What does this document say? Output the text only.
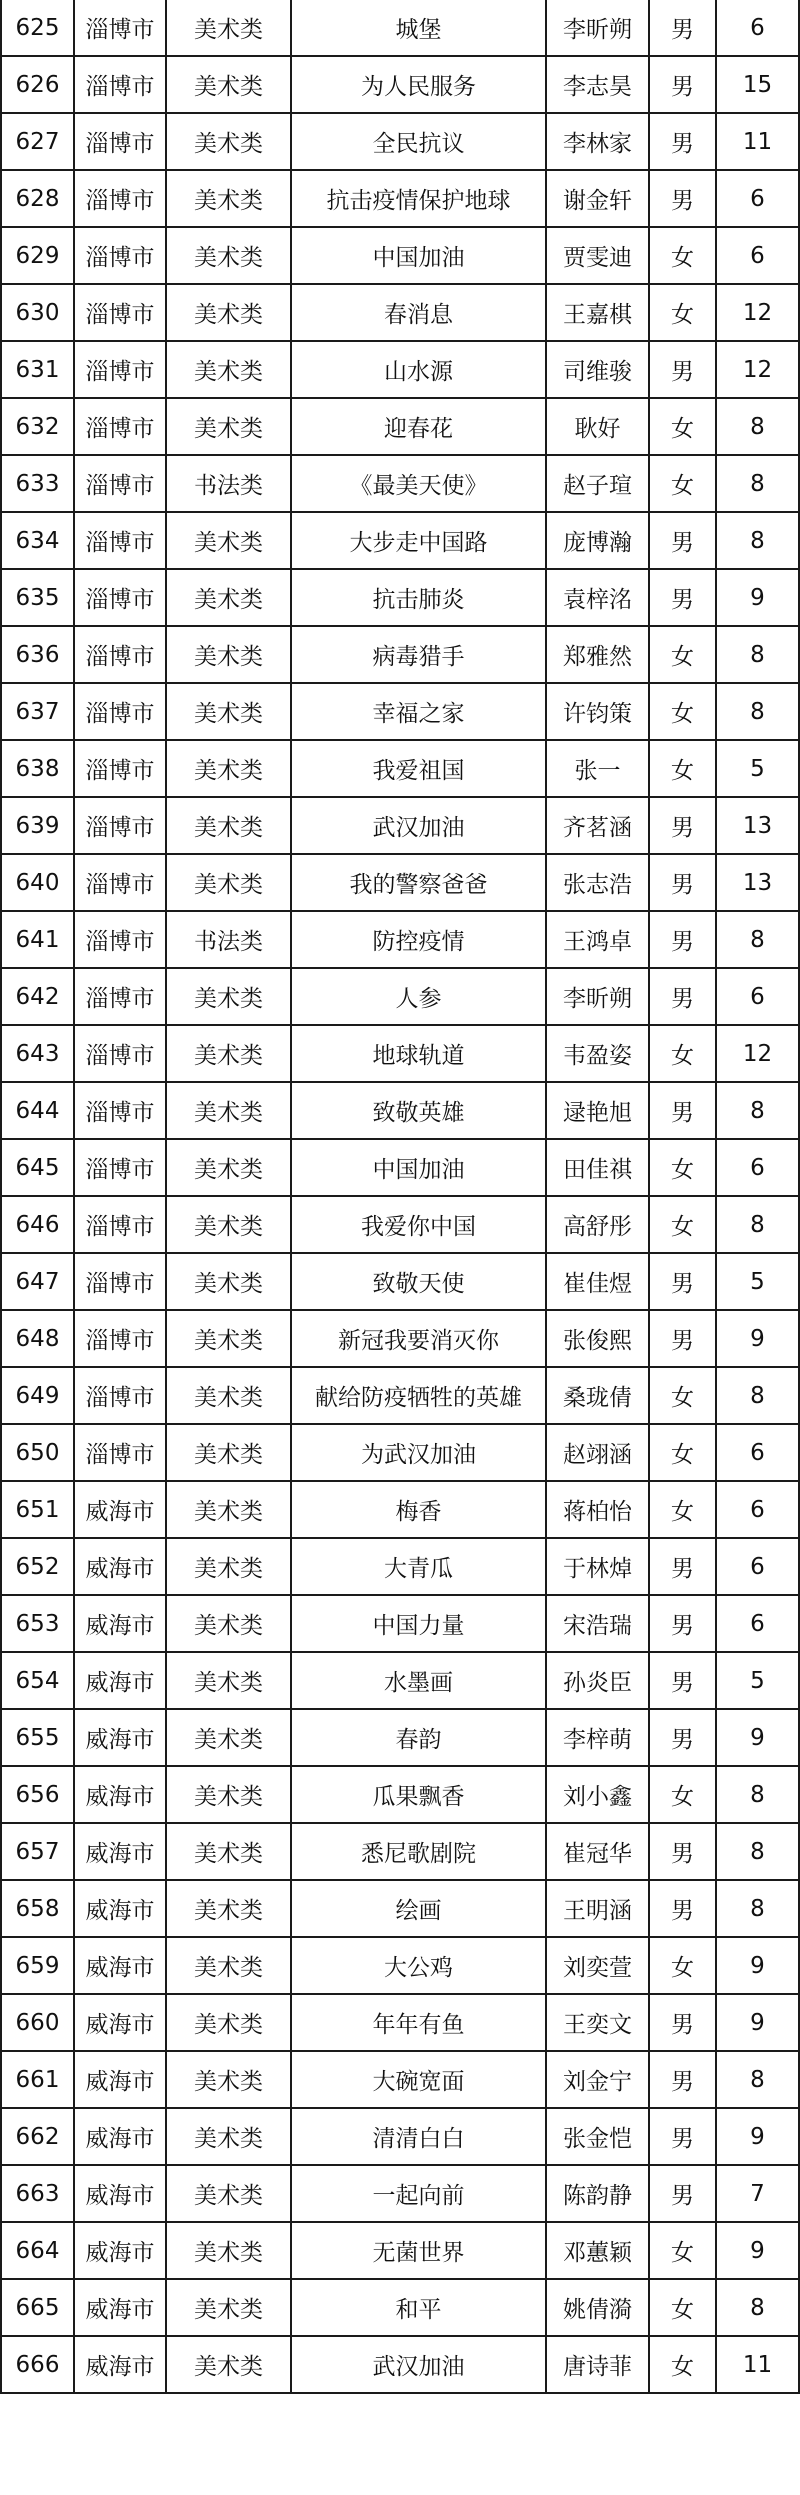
625	淄博市	美术类	城堡	李昕朔	男	6
626	淄博市	美术类	为人民服务	李志昊	男	15
627	淄博市	美术类	全民抗议	李林家	男	11
628	淄博市	美术类	抗击疫情保护地球	谢金轩	男	6
629	淄博市	美术类	中国加油	贾雯迪	女	6
630	淄博市	美术类	春消息	王嘉棋	女	12
631	淄博市	美术类	山水源	司维骏	男	12
632	淄博市	美术类	迎春花	耿好	女	8
633	淄博市	书法类	《最美天使》	赵子瑄	女	8
634	淄博市	美术类	大步走中国路	庞博瀚	男	8
635	淄博市	美术类	抗击肺炎	袁梓洺	男	9
636	淄博市	美术类	病毒猎手	郑雅然	女	8
637	淄博市	美术类	幸福之家	许钧策	女	8
638	淄博市	美术类	我爱祖国	张一	女	5
639	淄博市	美术类	武汉加油	齐茗涵	男	13
640	淄博市	美术类	我的警察爸爸	张志浩	男	13
641	淄博市	书法类	防控疫情	王鸿卓	男	8
642	淄博市	美术类	人参	李昕朔	男	6
643	淄博市	美术类	地球轨道	韦盈姿	女	12
644	淄博市	美术类	致敬英雄	逯艳旭	男	8
645	淄博市	美术类	中国加油	田佳祺	女	6
646	淄博市	美术类	我爱你中国	高舒彤	女	8
647	淄博市	美术类	致敬天使	崔佳煜	男	5
648	淄博市	美术类	新冠我要消灭你	张俊熙	男	9
649	淄博市	美术类	献给防疫牺牲的英雄	桑珑倩	女	8
650	淄博市	美术类	为武汉加油	赵翊涵	女	6
651	威海市	美术类	梅香	蒋柏怡	女	6
652	威海市	美术类	大青瓜	于林焯	男	6
653	威海市	美术类	中国力量	宋浩瑞	男	6
654	威海市	美术类	水墨画	孙炎臣	男	5
655	威海市	美术类	春韵	李梓萌	男	9
656	威海市	美术类	瓜果飘香	刘小鑫	女	8
657	威海市	美术类	悉尼歌剧院	崔冠华	男	8
658	威海市	美术类	绘画	王明涵	男	8
659	威海市	美术类	大公鸡	刘奕萱	女	9
660	威海市	美术类	年年有鱼	王奕文	男	9
661	威海市	美术类	大碗宽面	刘金宁	男	8
662	威海市	美术类	清清白白	张金恺	男	9
663	威海市	美术类	一起向前	陈韵静	男	7
664	威海市	美术类	无菌世界	邓蕙颖	女	9
665	威海市	美术类	和平	姚倩漪	女	8
666	威海市	美术类	武汉加油	唐诗菲	女	11
